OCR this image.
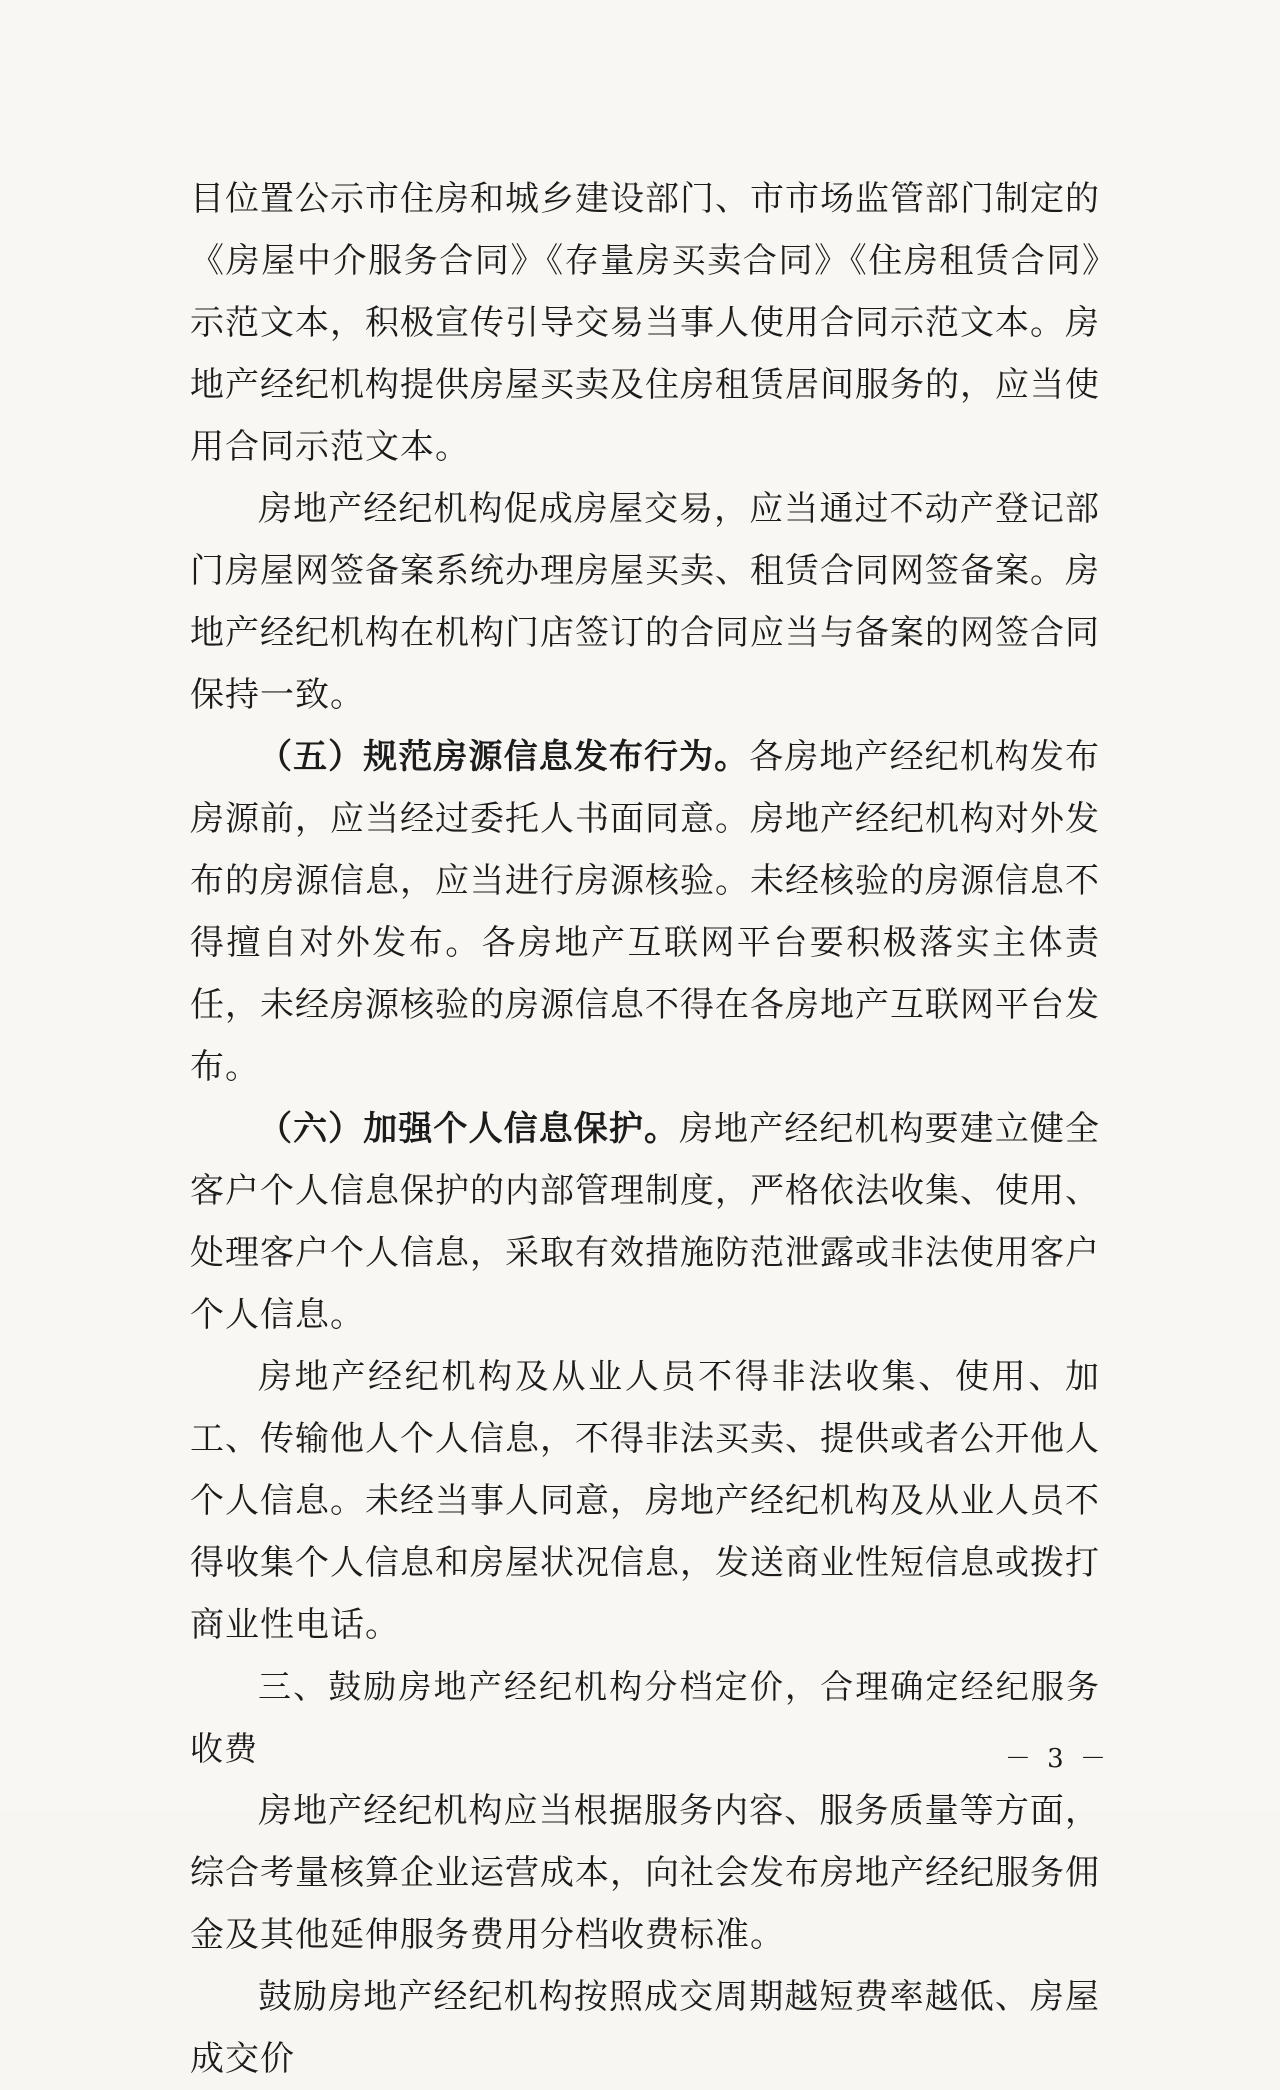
目位置公示市住房和城乡建设部门、市市场监管部门制定的《房屋中介服务合同》《存量房买卖合同》《住房租赁合同》示范文本，积极宣传引导交易当事人使用合同示范文本。房地产经纪机构提供房屋买卖及住房租赁居间服务的，应当使用合同示范文本。

房地产经纪机构促成房屋交易，应当通过不动产登记部门房屋网签备案系统办理房屋买卖、租赁合同网签备案。房地产经纪机构在机构门店签订的合同应当与备案的网签合同保持一致。

（五）规范房源信息发布行为。各房地产经纪机构发布房源前，应当经过委托人书面同意。房地产经纪机构对外发布的房源信息，应当进行房源核验。未经核验的房源信息不得擅自对外发布。各房地产互联网平台要积极落实主体责任，未经房源核验的房源信息不得在各房地产互联网平台发布。

（六）加强个人信息保护。房地产经纪机构要建立健全客户个人信息保护的内部管理制度，严格依法收集、使用、处理客户个人信息，采取有效措施防范泄露或非法使用客户个人信息。

房地产经纪机构及从业人员不得非法收集、使用、加工、传输他人个人信息，不得非法买卖、提供或者公开他人个人信息。未经当事人同意，房地产经纪机构及从业人员不得收集个人信息和房屋状况信息，发送商业性短信息或拨打商业性电话。

三、鼓励房地产经纪机构分档定价，合理确定经纪服务收费

房地产经纪机构应当根据服务内容、服务质量等方面，综合考量核算企业运营成本，向社会发布房地产经纪服务佣金及其他延伸服务费用分档收费标准。

鼓励房地产经纪机构按照成交周期越短费率越低、房屋成交价

－ 3 －
